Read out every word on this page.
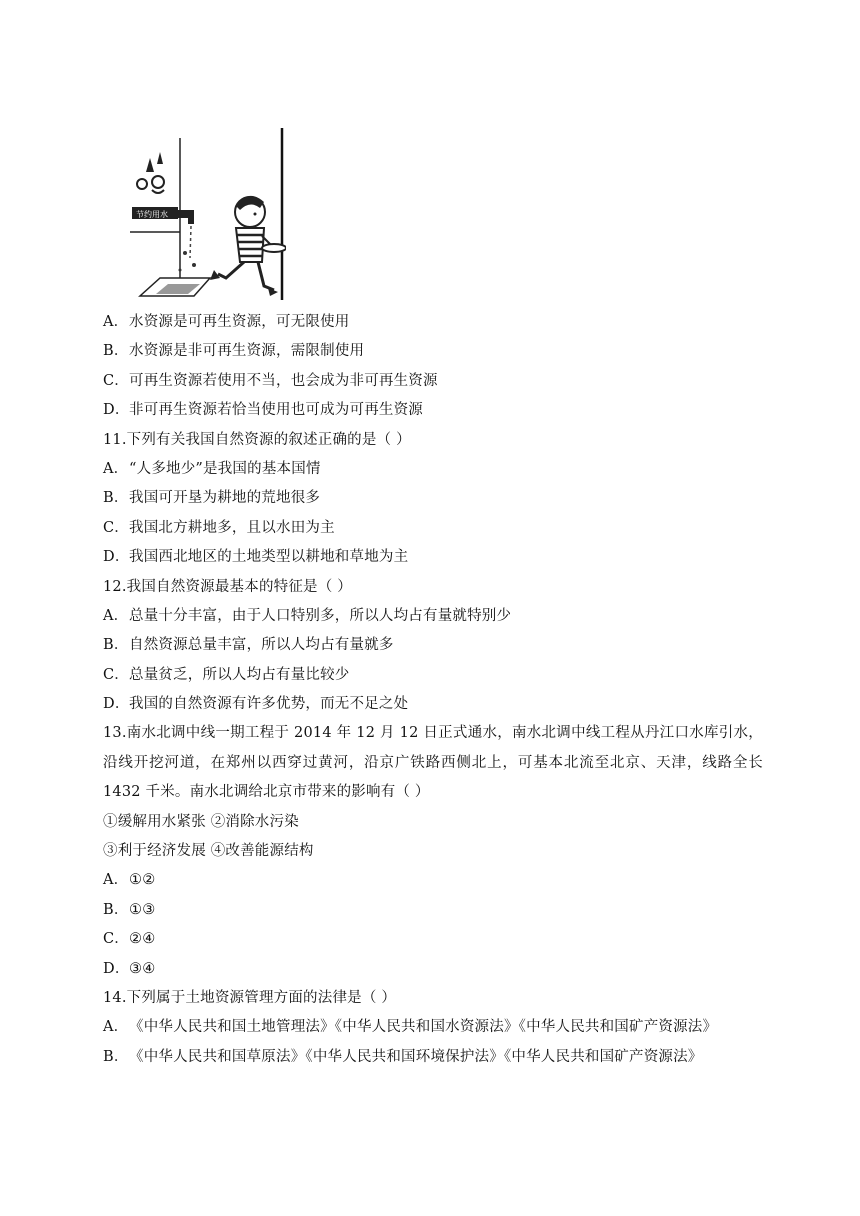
节约用水
A．水资源是可再生资源，可无限使用
B．水资源是非可再生资源，需限制使用
C．可再生资源若使用不当，也会成为非可再生资源
D．非可再生资源若恰当使用也可成为可再生资源
11.下列有关我国自然资源的叙述正确的是（ ）
A．“人多地少”是我国的基本国情
B．我国可开垦为耕地的荒地很多
C．我国北方耕地多，且以水田为主
D．我国西北地区的土地类型以耕地和草地为主
12.我国自然资源最基本的特征是（ ）
A．总量十分丰富，由于人口特别多，所以人均占有量就特别少
B．自然资源总量丰富，所以人均占有量就多
C．总量贫乏，所以人均占有量比较少
D．我国的自然资源有许多优势，而无不足之处
13.南水北调中线一期工程于 2014 年 12 月 12 日正式通水，南水北调中线工程从丹江口水库引水，沿线开挖河道，在郑州以西穿过黄河，沿京广铁路西侧北上，可基本北流至北京、天津，线路全长 1432 千米。南水北调给北京市带来的影响有（ ）
①缓解用水紧张 ②消除水污染
③利于经济发展 ④改善能源结构
A．①②
B．①③
C．②④
D．③④
14.下列属于土地资源管理方面的法律是（ ）
A．《中华人民共和国土地管理法》《中华人民共和国水资源法》《中华人民共和国矿产资源法》
B．《中华人民共和国草原法》《中华人民共和国环境保护法》《中华人民共和国矿产资源法》
